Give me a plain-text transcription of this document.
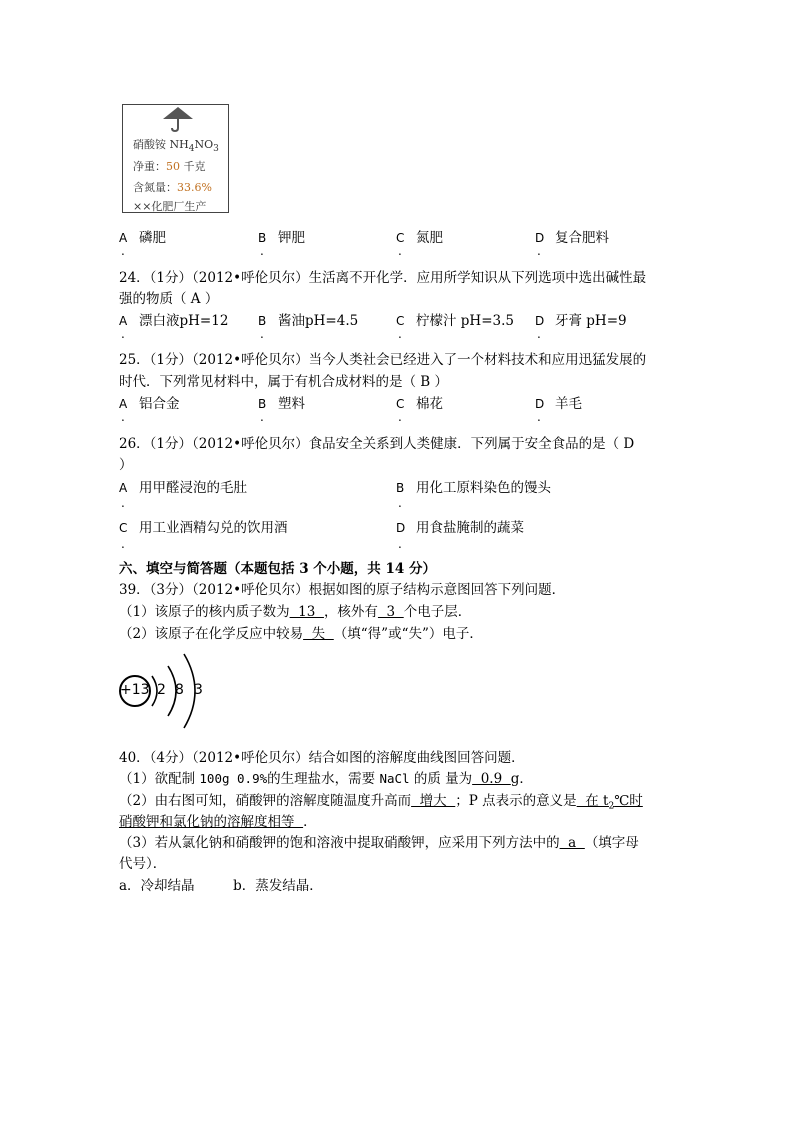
硝酸铵 $NH_4NO_3$
净重：50 千克
含氮量：33.6%
××化肥厂生产
A 磷肥	B 钾肥	C 氮肥	D 复合肥料
.	.	.	.
24．（1分）（2012•呼伦贝尔）生活离不开化学．应用所学知识从下列选项中选出碱性最
强的物质（ A ）
A 漂白液pH=12 B 酱油pH=4.5	C 柠檬汁 pH=3.5 D 牙膏 pH=9
.	.	.	.
25．（1分）（2012•呼伦贝尔）当今人类社会已经进入了一个材料技术和应用迅猛发展的
时代．下列常见材料中，属于有机合成材料的是（ B ）
A 铝合金	B 塑料	C 棉花	D 羊毛
.	.	.	.
26．（1分）（2012•呼伦贝尔）食品安全关系到人类健康．下列属于安全食品的是（ D
）
A 用甲醛浸泡的毛肚	B 用化工原料染色的馒头
.	.
C 用工业酒精勾兑的饮用酒	D 用食盐腌制的蔬菜
.	.
六、填空与简答题（本题包括 3 个小题，共 14 分）
39．（3分）（2012•呼伦贝尔）根据如图的原子结构示意图回答下列问题．
（1）该原子的核内质子数为  13  ，核外有  3  个电子层．
（2）该原子在化学反应中较易  失  （填“得”或“失”）电子．
+13 2 8 3
40．（4分）（2012•呼伦贝尔）结合如图的溶解度曲线图回答问题．
（1）欲配制 100g 0.9%的生理盐水，需要 NaCl 的质 量为  0.9  g．
（2）由右图可知，硝酸钾的溶解度随温度升高而  增大  ；P 点表示的意义是  在 $t_2℃$时
硝酸钾和氯化钠的溶解度相等  ．
（3）若从氯化钠和硝酸钾的饱和溶液中提取硝酸钾，应采用下列方法中的  a  （填字母
代号）．
a．冷却结晶         b．蒸发结晶．
